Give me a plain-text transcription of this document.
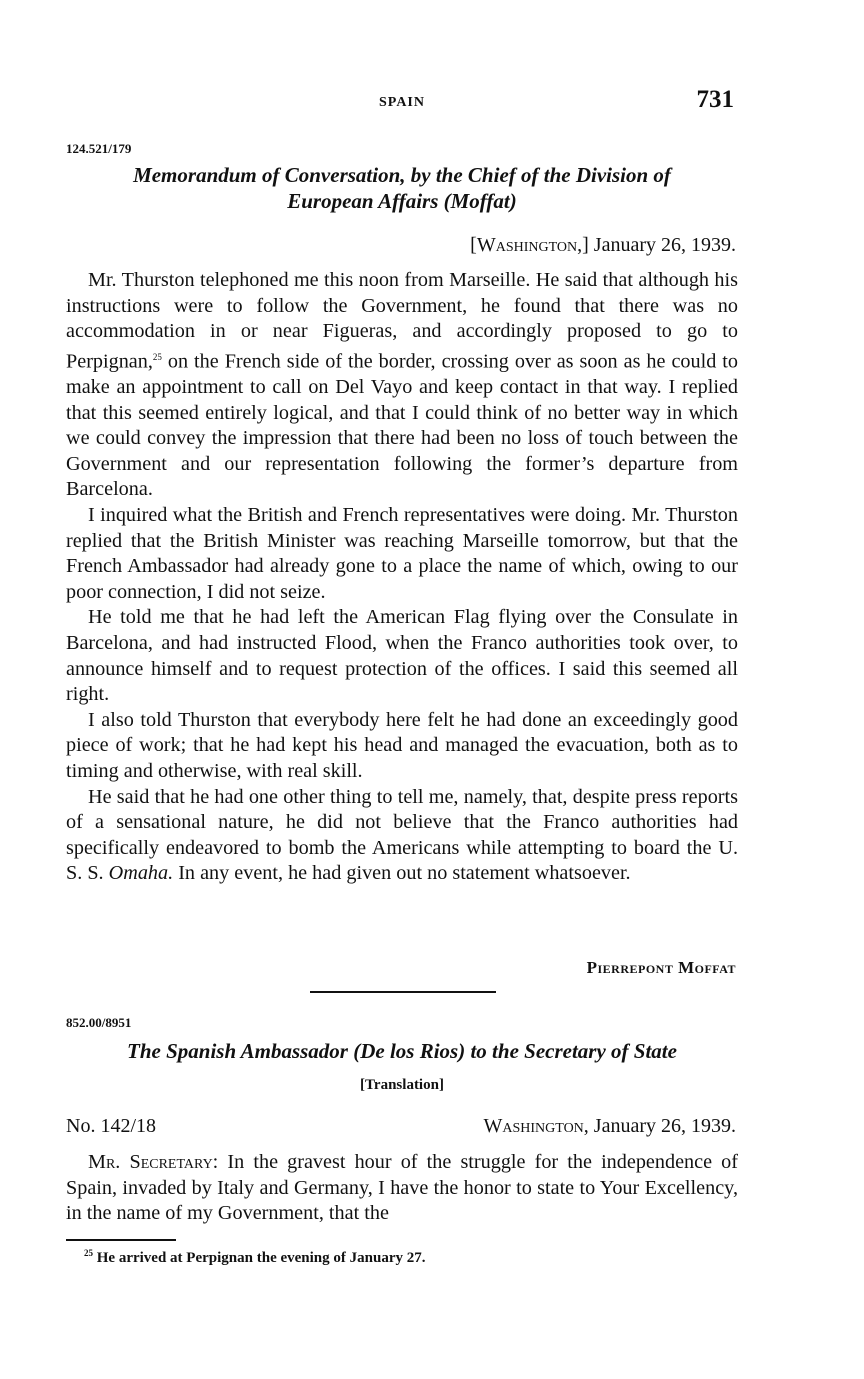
SPAIN	731
124.521/179
Memorandum of Conversation, by the Chief of the Division of
European Affairs (Moffat)
[Washington,] January 26, 1939.

Mr. Thurston telephoned me this noon from Marseille. He said that although his instructions were to follow the Government, he found that there was no accommodation in or near Figueras, and accordingly proposed to go to Perpignan,$^{25}$ on the French side of the border, crossing over as soon as he could to make an appointment to call on Del Vayo and keep contact in that way. I replied that this seemed entirely logical, and that I could think of no better way in which we could convey the impression that there had been no loss of touch between the Government and our representation following the former’s departure from Barcelona.

I inquired what the British and French representatives were doing. Mr. Thurston replied that the British Minister was reaching Marseille tomorrow, but that the French Ambassador had already gone to a place the name of which, owing to our poor connection, I did not seize.

He told me that he had left the American Flag flying over the Consulate in Barcelona, and had instructed Flood, when the Franco authorities took over, to announce himself and to request protection of the offices. I said this seemed all right.

I also told Thurston that everybody here felt he had done an exceedingly good piece of work; that he had kept his head and managed the evacuation, both as to timing and otherwise, with real skill.

He said that he had one other thing to tell me, namely, that, despite press reports of a sensational nature, he did not believe that the Franco authorities had specifically endeavored to bomb the Americans while attempting to board the U. S. S. Omaha. In any event, he had given out no statement whatsoever.

Pierrepont Moffat
852.00/8951
The Spanish Ambassador (De los Rios) to the Secretary of State
[Translation]
No. 142/18	Washington, January 26, 1939.

Mr. Secretary: In the gravest hour of the struggle for the independence of Spain, invaded by Italy and Germany, I have the honor to state to Your Excellency, in the name of my Government, that the

$^{25}$ He arrived at Perpignan the evening of January 27.
